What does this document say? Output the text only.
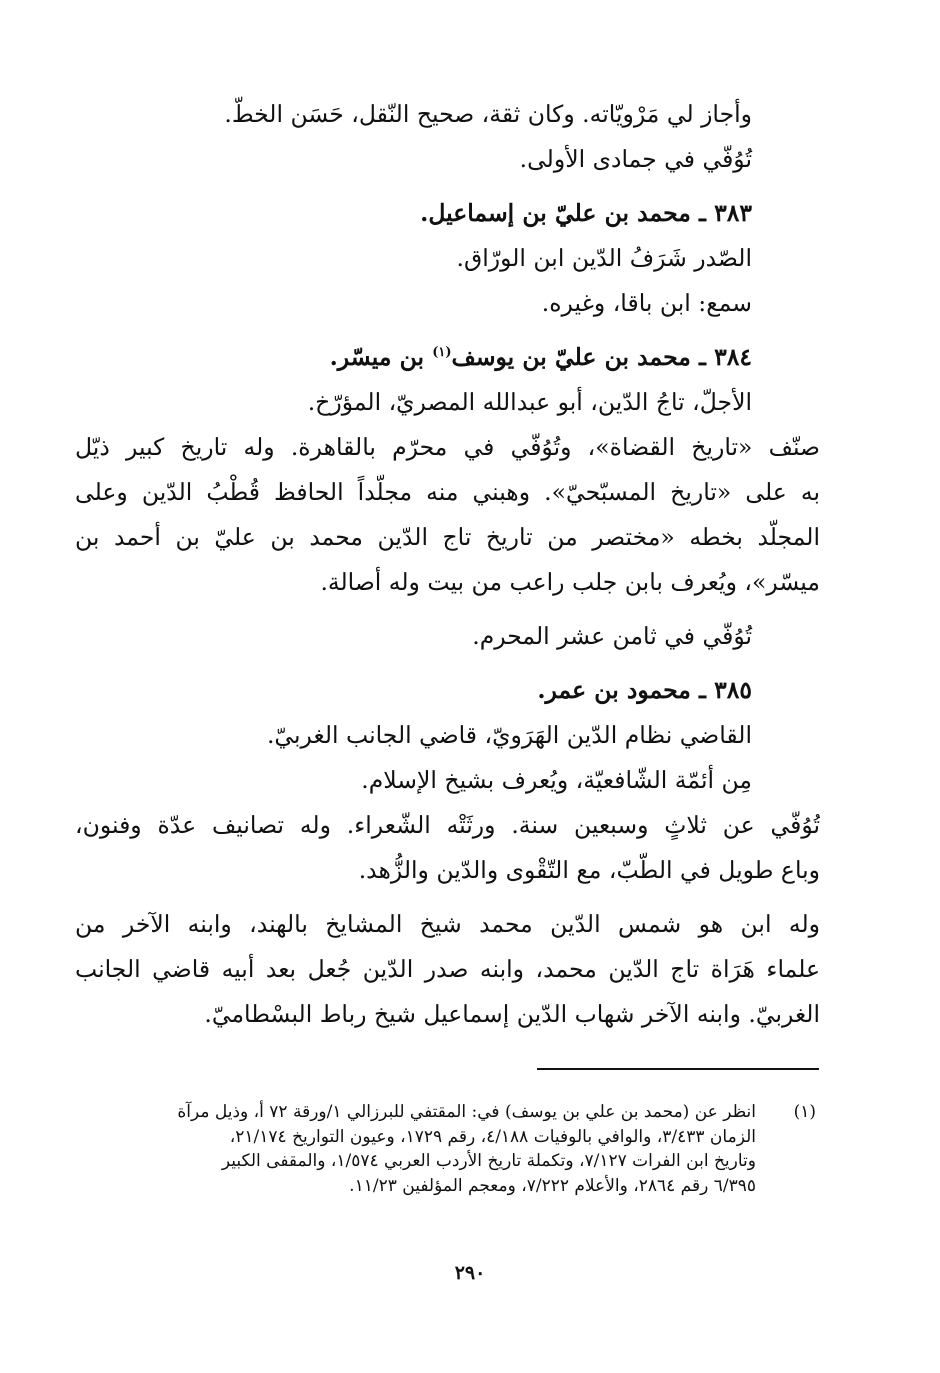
وأجاز لي مَرْويّاته. وكان ثقة، صحيح النّقل، حَسَن الخطّ.
تُوُفّي في جمادى الأولى.
٣٨٣ ـ محمد بن عليّ بن إسماعيل.
الصّدر شَرَفُ الدّين ابن الورّاق.
سمع: ابن باقا، وغيره.
٣٨٤ ـ محمد بن عليّ بن يوسف$^{(١)}$ بن ميسّر.
الأجلّ، تاجُ الدّين، أبو عبدالله المصريّ، المؤرّخ.
صنّف «تاريخ القضاة»، وتُوُفّي في محرّم بالقاهرة. وله تاريخ كبير ذيّل
به على «تاريخ المسبّحيّ». وهبني منه مجلّداً الحافظ قُطْبُ الدّين وعلى
المجلّد بخطه «مختصر من تاريخ تاج الدّين محمد بن عليّ بن أحمد بن
ميسّر»، ويُعرف بابن جلب راعب من بيت وله أصالة.
تُوُفّي في ثامن عشر المحرم.
٣٨٥ ـ محمود بن عمر.
القاضي نظام الدّين الهَرَويّ، قاضي الجانب الغربيّ.
مِن أئمّة الشّافعيّة، ويُعرف بشيخ الإسلام.
تُوُفّي عن ثلاثٍ وسبعين سنة. ورثَتْه الشّعراء. وله تصانيف عدّة وفنون،
وباع طويل في الطّبّ، مع التّقْوى والدّين والزُّهد.
وله ابن هو شمس الدّين محمد شيخ المشايخ بالهند، وابنه الآخر من
علماء هَرَاة تاج الدّين محمد، وابنه صدر الدّين جُعل بعد أبيه قاضي الجانب
الغربيّ. وابنه الآخر شهاب الدّين إسماعيل شيخ رباط البسْطاميّ.
(١)
انظر عن (محمد بن علي بن يوسف) في: المقتفي للبرزالي ١/ورقة ٧٢ أ، وذيل مرآة
الزمان ٣/٤٣٣، والوافي بالوفيات ٤/١٨٨، رقم ١٧٢٩، وعيون التواريخ ٢١/١٧٤،
وتاريخ ابن الفرات ٧/١٢٧، وتكملة تاريخ الأردب العربي ١/٥٧٤، والمقفى الكبير
٦/٣٩٥ رقم ٢٨٦٤، والأعلام ٧/٢٢٢، ومعجم المؤلفين ١١/٢٣.
٢٩٠
